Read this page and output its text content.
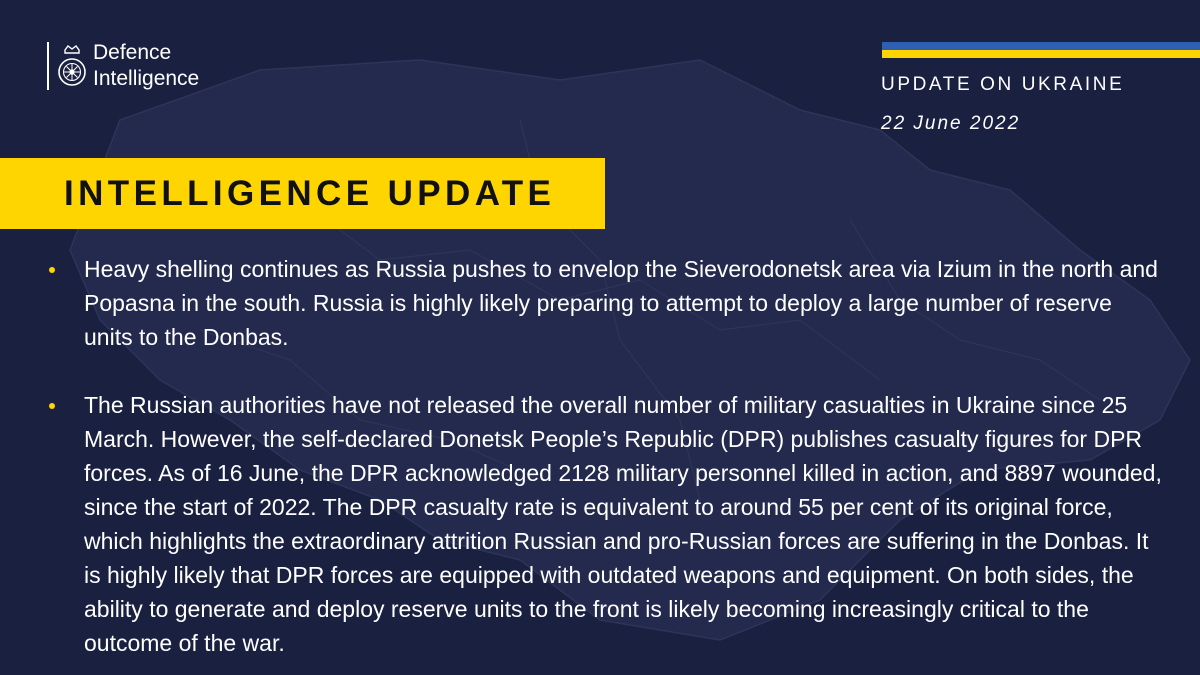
Defence
Intelligence	UPDATE ON UKRAINE
22 June 2022
INTELLIGENCE UPDATE
Heavy shelling continues as Russia pushes to envelop the Sieverodonetsk area via Izium in the north and Popasna in the south. Russia is highly likely preparing to attempt to deploy a large number of reserve units to the Donbas.
The Russian authorities have not released the overall number of military casualties in Ukraine since 25 March. However, the self-declared Donetsk People’s Republic (DPR) publishes casualty figures for DPR forces. As of 16 June, the DPR acknowledged 2128 military personnel killed in action, and 8897 wounded, since the start of 2022. The DPR casualty rate is equivalent to around 55 per cent of its original force, which highlights the extraordinary attrition Russian and pro-Russian forces are suffering in the Donbas. It is highly likely that DPR forces are equipped with outdated weapons and equipment. On both sides, the ability to generate and deploy reserve units to the front is likely becoming increasingly critical to the outcome of the war.
